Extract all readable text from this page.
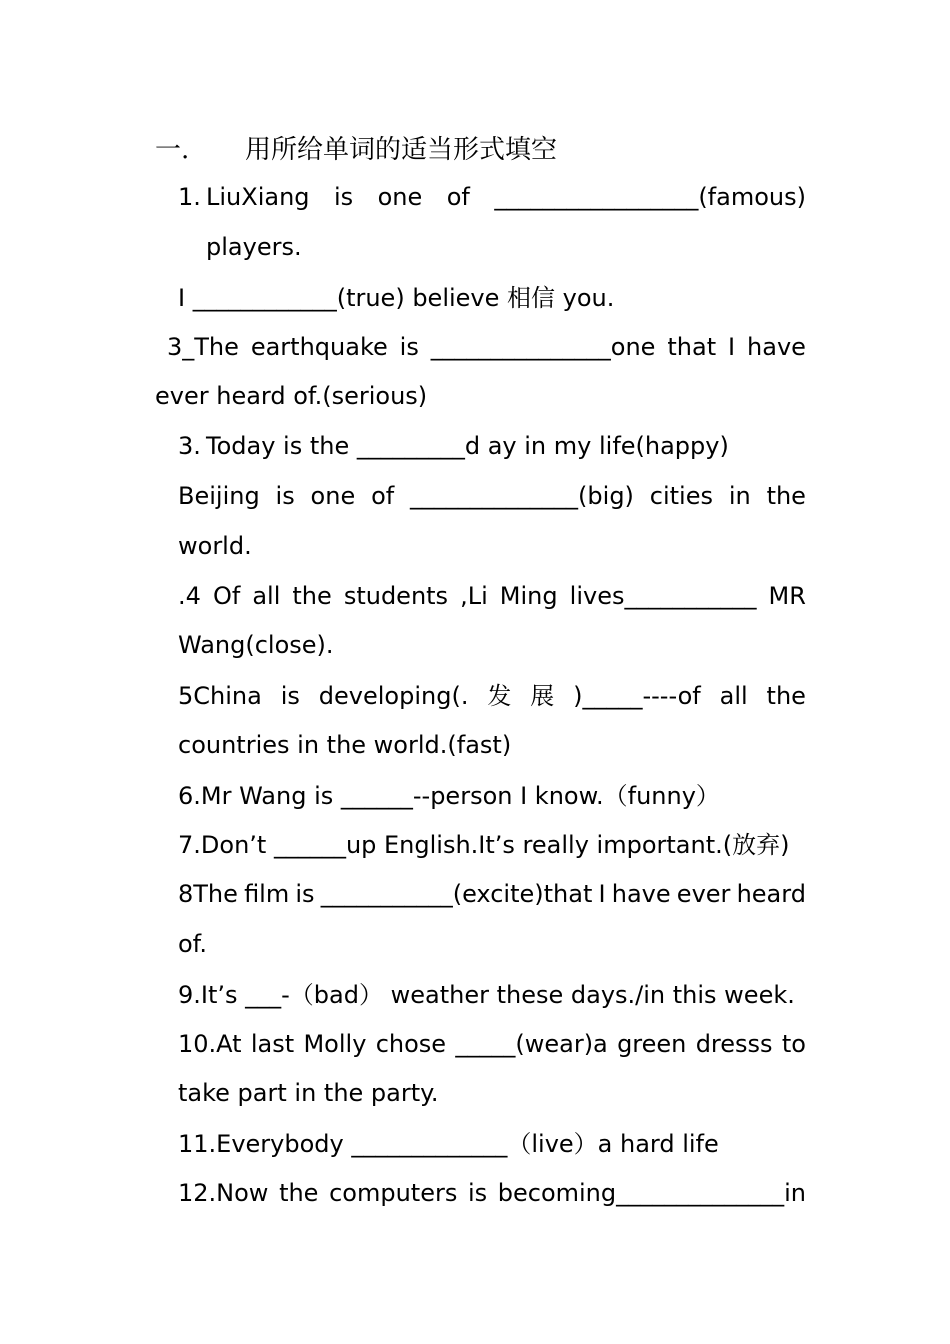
一. 用所给单词的适当形式填空
1. LiuXiang is one of _________________(famous)
players.
I ____________(true) believe 相信 you.
3_The earthquake is _______________one that I have
ever heard of.(serious)
3. Today is the _________d ay in my life(happy)
Beijing is one of ______________(big) cities in the
world.
.4 Of all the students ,Li Ming lives___________ MR
Wang(close).
5China is developing(. 发 展 )_____----of all the
countries in the world.(fast)
6.Mr Wang is ______--person I know.（funny）
7.Don’t ______up English.It’s really important.(放弃)
8The film is ___________(excite)that I have ever heard
of.
9.It’s ___-（bad） weather these days./in this week.
10.At last Molly chose _____(wear)a green dresss to
take part in the party.
11.Everybody _____________（live）a hard life
12.Now the computers is becoming______________in
